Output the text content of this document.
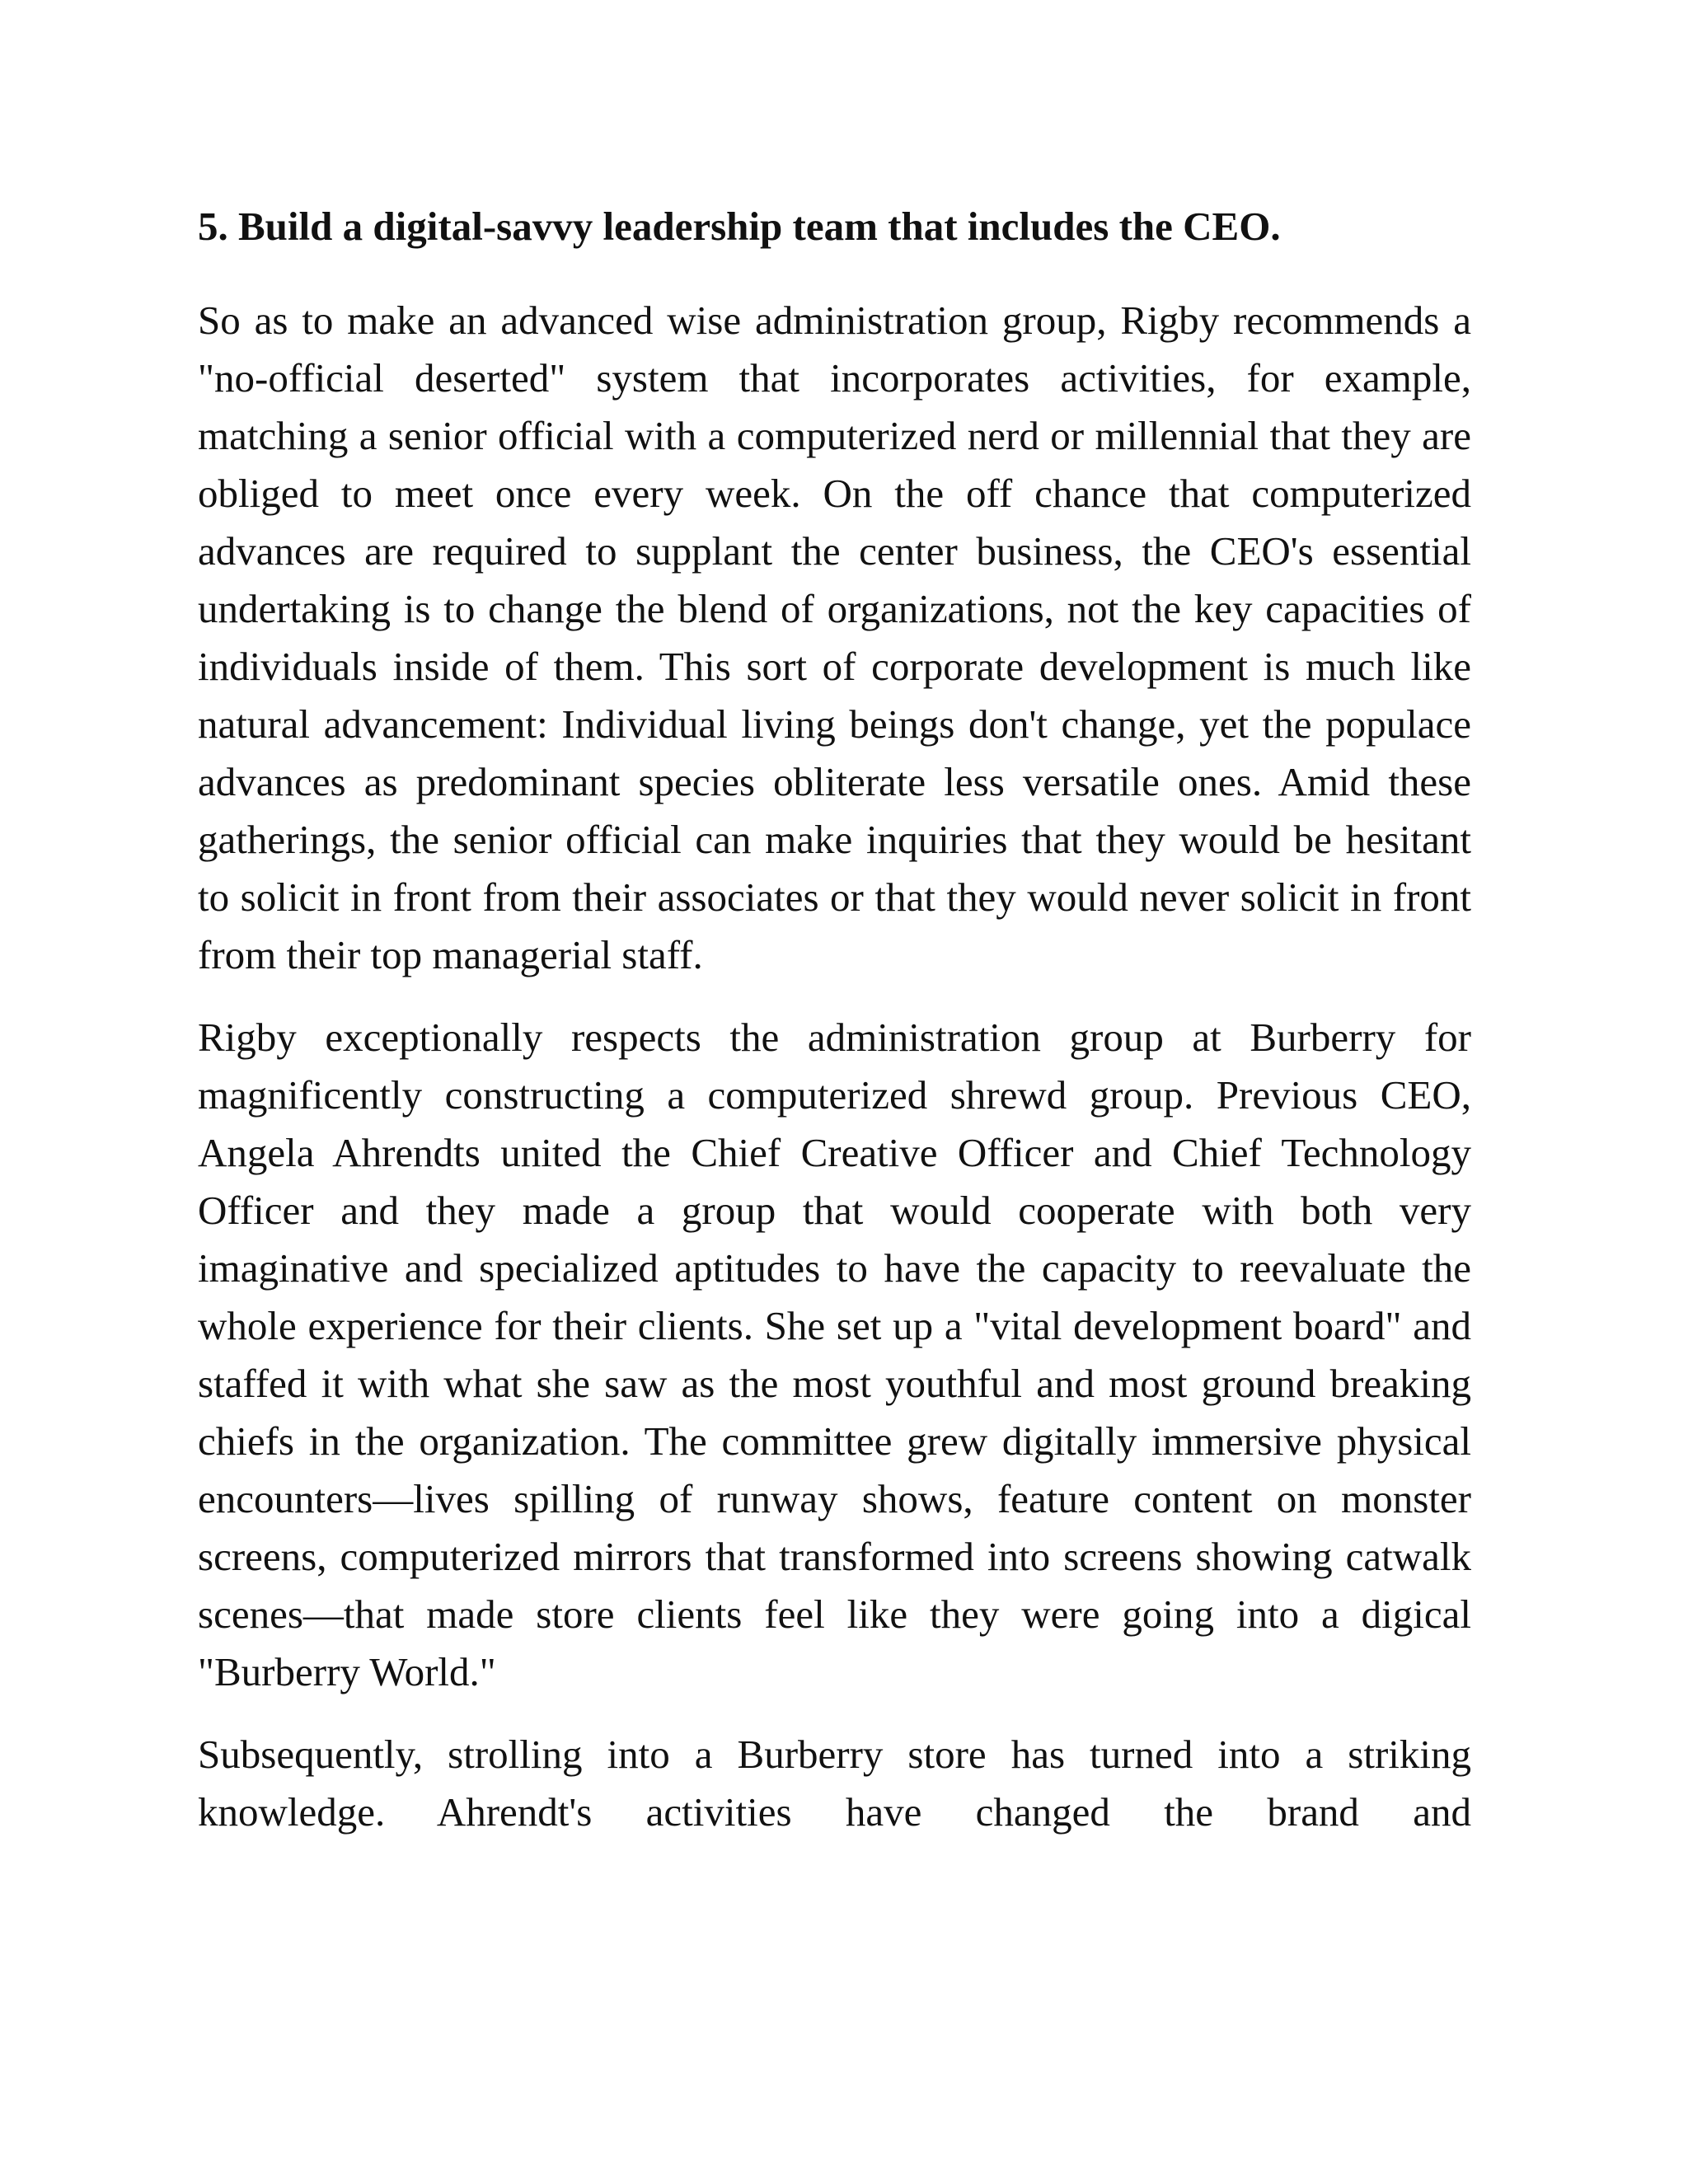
5. Build a digital-savvy leadership team that includes the CEO.

So as to make an advanced wise administration group, Rigby recommends a "no-official deserted" system that incorporates activities, for example, matching a senior official with a computerized nerd or millennial that they are obliged to meet once every week. On the off chance that computerized advances are required to supplant the center business, the CEO's essential undertaking is to change the blend of organizations, not the key capacities of individuals inside of them. This sort of corporate development is much like natural advancement: Individual living beings don't change, yet the populace advances as predominant species obliterate less versatile ones. Amid these gatherings, the senior official can make inquiries that they would be hesitant to solicit in front from their associates or that they would never solicit in front from their top managerial staff.

Rigby exceptionally respects the administration group at Burberry for magnificently constructing a computerized shrewd group. Previous CEO, Angela Ahrendts united the Chief Creative Officer and Chief Technology Officer and they made a group that would cooperate with both very imaginative and specialized aptitudes to have the capacity to reevaluate the whole experience for their clients. She set up a "vital development board" and staffed it with what she saw as the most youthful and most ground breaking chiefs in the organization. The committee grew digitally immersive physical encounters—lives spilling of runway shows, feature content on monster screens, computerized mirrors that transformed into screens showing catwalk scenes—that made store clients feel like they were going into a digical "Burberry World."

Subsequently, strolling into a Burberry store has turned into a striking knowledge. Ahrendt's activities have changed the brand and
